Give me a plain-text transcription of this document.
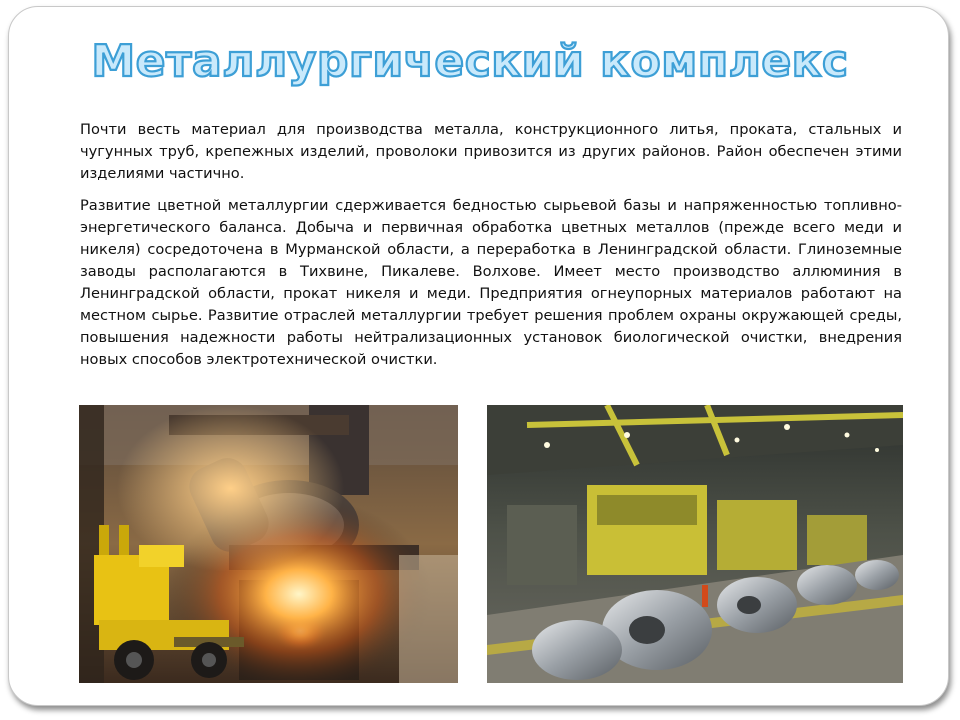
Металлургический комплекс

Почти весть материал для производства металла, конструкционного литья, проката, стальных и чугунных труб, крепежных изделий, проволоки привозится из других районов. Район обеспечен этими изделиями частично.

Развитие цветной металлургии сдерживается бедностью сырьевой базы и напряженностью топливно-энергетического баланса. Добыча и первичная обработка цветных металлов (прежде всего меди и никеля) сосредоточена в Мурманской области, а переработка в Ленинградской области. Глиноземные заводы располагаются в Тихвине, Пикалеве. Волхове. Имеет место производство аллюминия в Ленинградской области, прокат никеля и меди. Предприятия огнеупорных материалов работают на местном сырье. Развитие отраслей металлургии требует решения проблем охраны окружающей среды, повышения надежности работы нейтрализационных установок биологической очистки, внедрения новых способов электротехнической очистки.
